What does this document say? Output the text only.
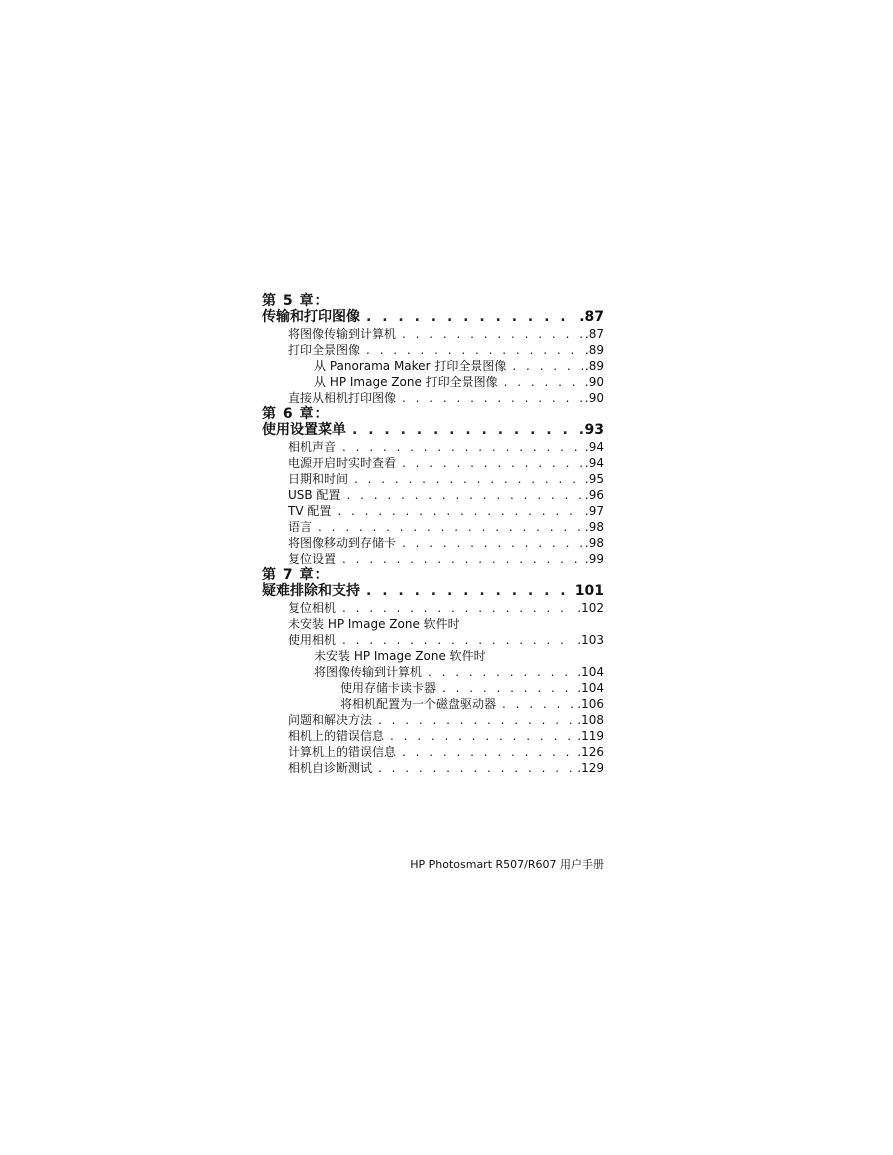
第 5 章：
传输和打印图像 . . .	.87
将图像传输到计算机 . . .	.87
打印全景图像 . . .	.89
从 Panorama Maker 打印全景图像 . . .	.89
从 HP Image Zone 打印全景图像 . . .	.90
直接从相机打印图像 . . .	.90
第 6 章：
使用设置菜单 . . .	93
相机声音 . . .	.94
电源开启时实时查看 . . .	.94
日期和时间 . . .	.95
USB 配置 . . .	.96
TV 配置 . . .	.97
语言 . . .	.98
将图像移动到存储卡 . . .	.98
复位设置 . . .	.99
第 7 章：
疑难排除和支持 . . .	101
复位相机 . . .	.102
未安装 HP Image Zone 软件时
使用相机 . . .	.103
未安装 HP Image Zone 软件时
将图像传输到计算机 . . .	.104
使用存储卡读卡器 . . .	.104
将相机配置为一个磁盘驱动器 . . .	.106
问题和解决方法 . . .	.108
相机上的错误信息 . . .	.119
计算机上的错误信息 . . .	.126
相机自诊断测试 . . .	.129
HP Photosmart R507/R607 用户手册
